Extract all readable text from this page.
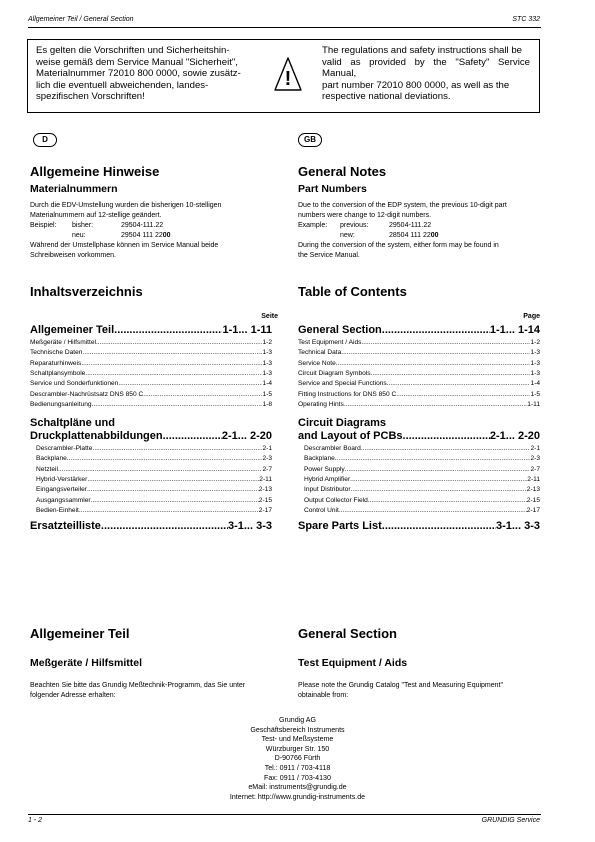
Allgemeiner Teil / General Section	STC 332
Es gelten die Vorschriften und Sicherheitshin-
weise gemäß dem Service Manual "Sicherheit",
Materialnummer 72010 800 0000, sowie zusätz-
lich die eventuell abweichenden, landes-
spezifischen Vorschriften!
The regulations and safety instructions shall be
valid as provided by the "Safety" Service Manual,
part number 72010 800 0000, as well as the
respective national deviations.
!
D	GB
Allgemeine Hinweise
Materialnummern
Durch die EDV-Umstellung wurden die bisherigen 10-stelligen
Materialnummern auf 12-stellige geändert.
Beispiel: bisher:	29504-111.22
neu:	29504 111 2200
Während der Umstellphase können im Service Manual beide
Schreibweisen vorkommen.
Inhaltsverzeichnis
Seite
Allgemeiner Teil .....	1-1... 1-11
Meßgeräte / Hilfsmittel .....	1-2
Technische Daten .....	.1-3
Reparaturhinweis .....	1-3
Schaltplansymbole .....	1-3
Service und Sonderfunktionen .....	1-4
Descrambler-Nachrüstsatz DNS 850 C .....	1-5
Bedienungsanleitung .....	1-8
Schaltpläne und
Druckplattenabbildungen .....	2-1... 2-20
Descrambler-Platte .....	2-1
Backplane .....	2-3
Netzteil .....	2-7
Hybrid-Verstärker .....	2-11
Eingangsverteiler .....	2-13
Ausgangssammler .....	2-15
Bedien-Einheit .....	2-17
Ersatzteilliste .....	3-1... 3-3
Allgemeiner Teil
Meßgeräte / Hilfsmittel
Beachten Sie bitte das Grundig Meßtechnik-Programm, das Sie unter
folgender Adresse erhalten:
General Notes
Part Numbers
Due to the conversion of the EDP system, the previous 10-digit part
numbers were change to 12-digit numbers.
Example: previous:	29504-111.22
new:	28504 111 2200
During the conversion of the system, either form may be found in
the Service Manual.
Table of Contents
Page
General Section .....	1-1... 1-14
Test Equipment / Aids .....	1-2
Technical Data .....	1-3
Service Note .....	1-3
Circuit Diagram Symbols .....	1-3
Service and Special Functions .....	1-4
Fitting Instructions for DNS 850 C .....	1-5
Operating Hints .....	1-11
Circuit Diagrams
and Layout of PCBs .....	2-1... 2-20
Descrambler Board .....	2-1
Backplane .....	2-3
Power Supply .....	2-7
Hybrid Amplifier .....	2-11
Input Distributor .....	2-13
Output Collector Field .....	2-15
Control Unit .....	2-17
Spare Parts List .....	3-1... 3-3
General Section
Test Equipment / Aids
Please note the Grundig Catalog "Test and Measuring Equipment"
obtainable from:
Grundig AG
Geschäftsbereich Instruments
Test- und Meßsysteme
Würzburger Str. 150
D-90766 Fürth
Tel.: 0911 / 703-4118
Fax: 0911 / 703-4130
eMail: instruments@grundig.de
Internet: http://www.grundig-instruments.de
1 - 2	GRUNDIG Service
